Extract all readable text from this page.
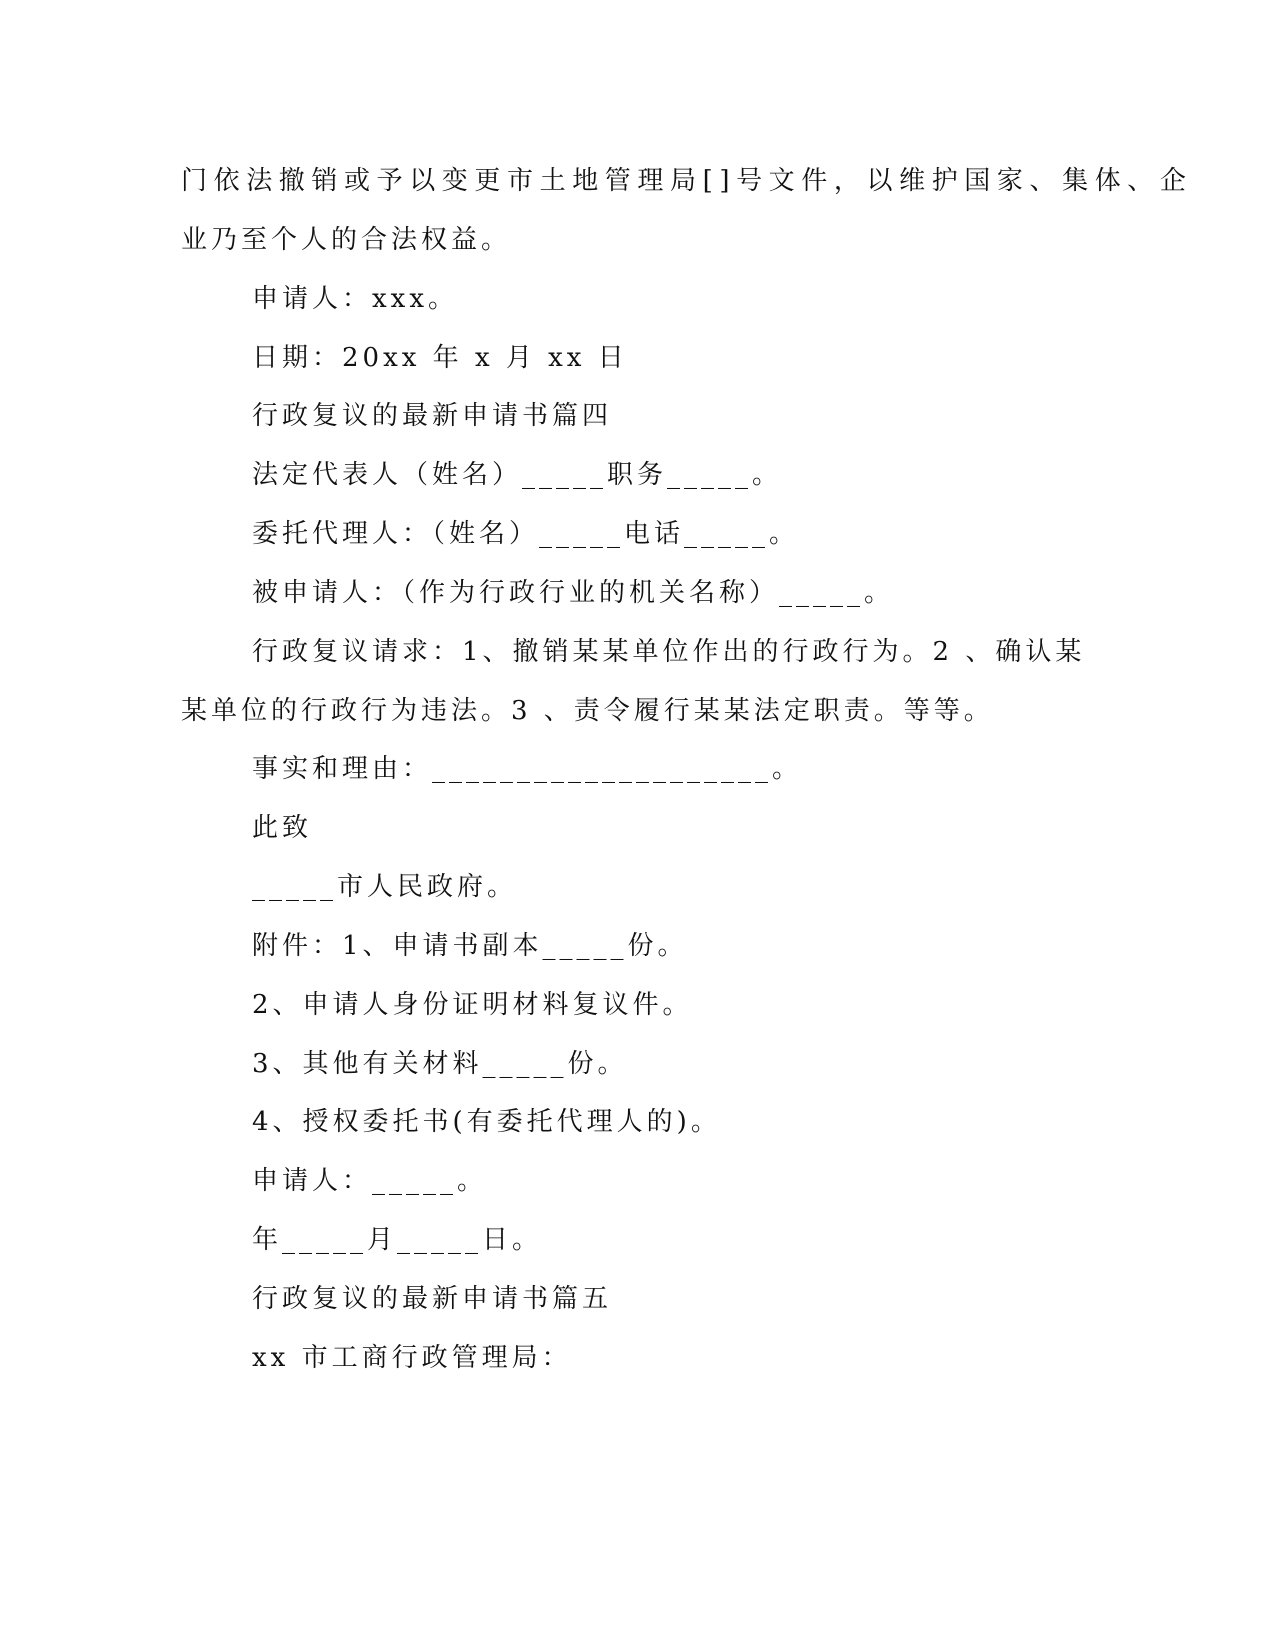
门依法撤销或予以变更市土地管理局[]号文件，以维护国家、集体、企
业乃至个人的合法权益。
申请人：xxx。
日期：20xx 年 x 月 xx 日
行政复议的最新申请书篇四
法定代表人（姓名）_____职务_____。
委托代理人：（姓名）_____电话_____。
被申请人：（作为行政行业的机关名称）_____。
行政复议请求：1、撤销某某单位作出的行政行为。2 、确认某
某单位的行政行为违法。3 、责令履行某某法定职责。等等。
事实和理由：____________________。
此致
_____市人民政府。
附件：1、申请书副本_____份。
2、申请人身份证明材料复议件。
3、其他有关材料_____份。
4、授权委托书(有委托代理人的)。
申请人：_____。
年_____月_____日。
行政复议的最新申请书篇五
xx 市工商行政管理局：
